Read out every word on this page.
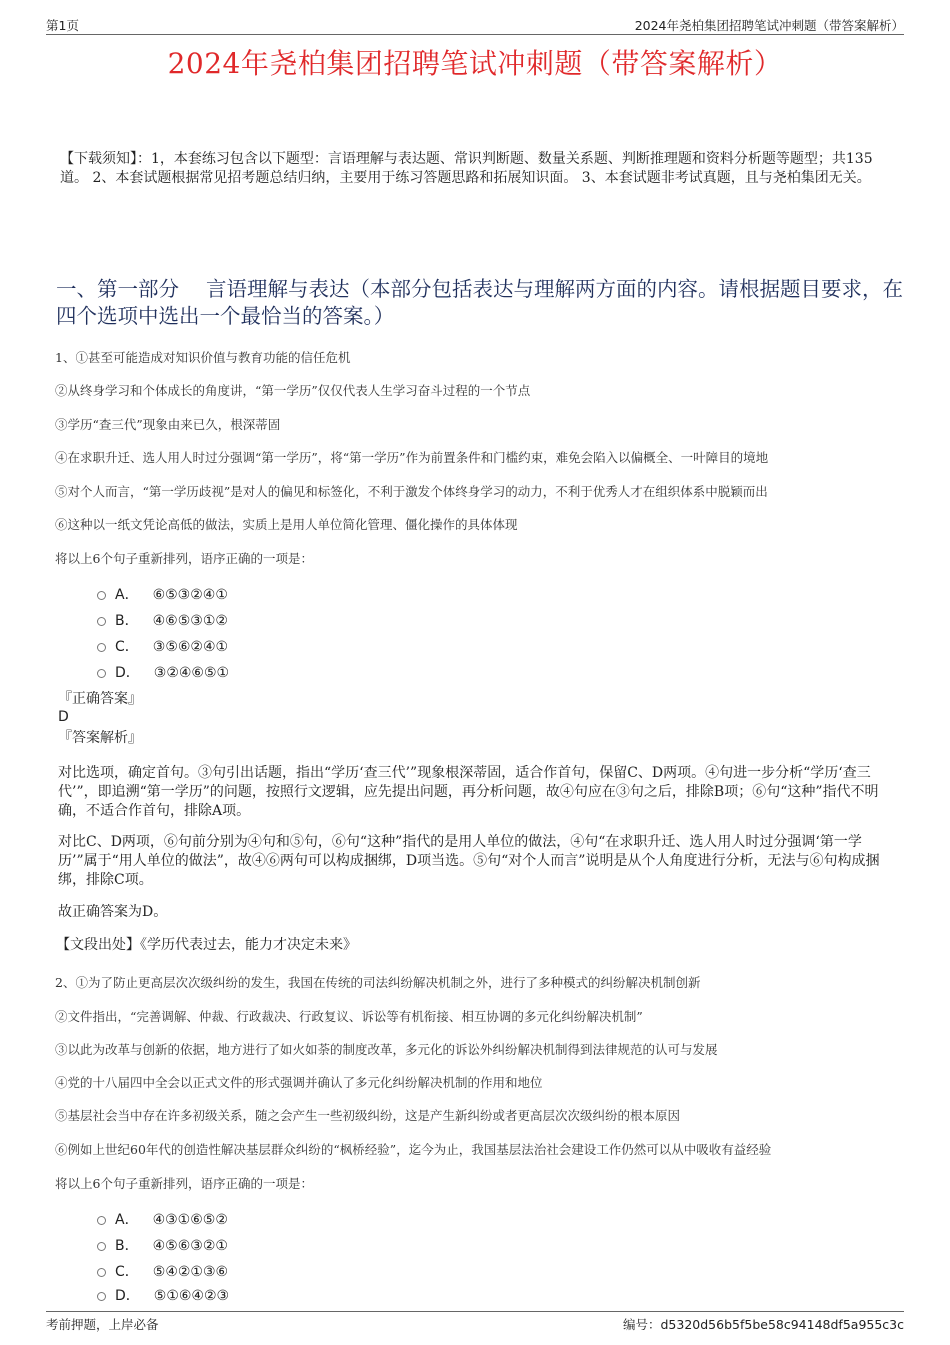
第1页	2024年尧柏集团招聘笔试冲刺题（带答案解析）
2024年尧柏集团招聘笔试冲刺题（带答案解析）
【下载须知】：1，本套练习包含以下题型：言语理解与表达题、常识判断题、数量关系题、判断推理题和资料分析题等题型；共135道。 2、本套试题根据常见招考题总结归纳，主要用于练习答题思路和拓展知识面。 3、本套试题非考试真题，且与尧柏集团无关。
一、第一部分　 言语理解与表达（本部分包括表达与理解两方面的内容。请根据题目要求，在四个选项中选出一个最恰当的答案。）
1、①甚至可能造成对知识价值与教育功能的信任危机
②从终身学习和个体成长的角度讲，“第一学历”仅仅代表人生学习奋斗过程的一个节点
③学历“查三代”现象由来已久，根深蒂固
④在求职升迁、选人用人时过分强调“第一学历”，将“第一学历”作为前置条件和门槛约束，难免会陷入以偏概全、一叶障目的境地
⑤对个人而言，“第一学历歧视”是对人的偏见和标签化，不利于激发个体终身学习的动力，不利于优秀人才在组织体系中脱颖而出
⑥这种以一纸文凭论高低的做法，实质上是用人单位简化管理、僵化操作的具体体现
将以上6个句子重新排列，语序正确的一项是：
A． ⑥⑤③②④①
B． ④⑥⑤③①②
C． ③⑤⑥②④①
D． ③②④⑥⑤①
『正确答案』
D
『答案解析』
对比选项，确定首句。③句引出话题，指出“学历‘查三代’”现象根深蒂固，适合作首句，保留C、D两项。④句进一步分析“学历‘查三代’”，即追溯“第一学历”的问题，按照行文逻辑，应先提出问题，再分析问题，故④句应在③句之后，排除B项；⑥句“这种”指代不明确，不适合作首句，排除A项。
对比C、D两项，⑥句前分别为④句和⑤句，⑥句“这种”指代的是用人单位的做法，④句“在求职升迁、选人用人时过分强调‘第一学历’”属于“用人单位的做法”，故④⑥两句可以构成捆绑，D项当选。⑤句“对个人而言”说明是从个人角度进行分析，无法与⑥句构成捆绑，排除C项。
故正确答案为D。
【文段出处】《学历代表过去，能力才决定未来》
2、①为了防止更高层次次级纠纷的发生，我国在传统的司法纠纷解决机制之外，进行了多种模式的纠纷解决机制创新
②文件指出，“完善调解、仲裁、行政裁决、行政复议、诉讼等有机衔接、相互协调的多元化纠纷解决机制”
③以此为改革与创新的依据，地方进行了如火如荼的制度改革，多元化的诉讼外纠纷解决机制得到法律规范的认可与发展
④党的十八届四中全会以正式文件的形式强调并确认了多元化纠纷解决机制的作用和地位
⑤基层社会当中存在许多初级关系，随之会产生一些初级纠纷，这是产生新纠纷或者更高层次次级纠纷的根本原因
⑥例如上世纪60年代的创造性解决基层群众纠纷的“枫桥经验”，迄今为止，我国基层法治社会建设工作仍然可以从中吸收有益经验
将以上6个句子重新排列，语序正确的一项是：
A． ④③①⑥⑤②
B． ④⑤⑥③②①
C． ⑤④②①③⑥
D． ⑤①⑥④②③
考前押题，上岸必备	编号：d5320d56b5f5be58c94148df5a955c3c
